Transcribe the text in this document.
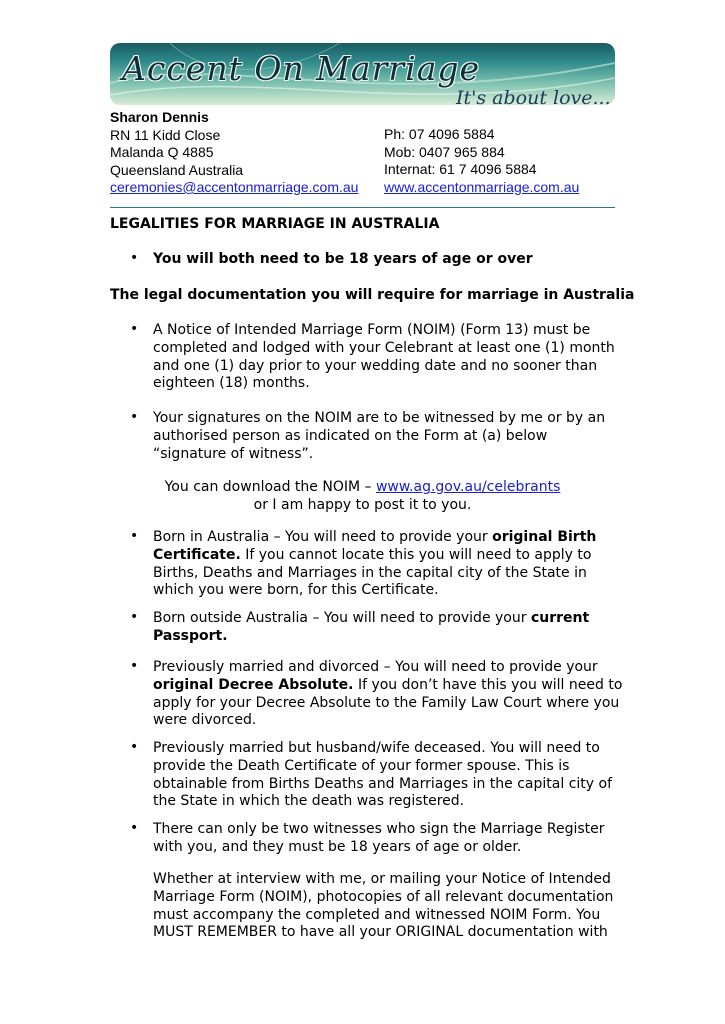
Accent On Marriage
It's about love...
Sharon Dennis
RN 11 Kidd Close
Malanda Q 4885
Queensland Australia
ceremonies@accentonmarriage.com.au
Ph: 07 4096 5884
Mob: 0407 965 884
Internat: 61 7 4096 5884
www.accentonmarriage.com.au
LEGALITIES FOR MARRIAGE IN AUSTRALIA
• You will both need to be 18 years of age or over
The legal documentation you will require for marriage in Australia
• A Notice of Intended Marriage Form (NOIM) (Form 13) must be completed and lodged with your Celebrant at least one (1) month and one (1) day prior to your wedding date and no sooner than eighteen (18) months.
• Your signatures on the NOIM are to be witnessed by me or by an authorised person as indicated on the Form at (a) below “signature of witness”.
You can download the NOIM – www.ag.gov.au/celebrants
or I am happy to post it to you.
• Born in Australia – You will need to provide your original Birth Certificate. If you cannot locate this you will need to apply to Births, Deaths and Marriages in the capital city of the State in which you were born, for this Certificate.
• Born outside Australia – You will need to provide your current Passport.
• Previously married and divorced – You will need to provide your original Decree Absolute. If you don’t have this you will need to apply for your Decree Absolute to the Family Law Court where you were divorced.
• Previously married but husband/wife deceased. You will need to provide the Death Certificate of your former spouse. This is obtainable from Births Deaths and Marriages in the capital city of the State in which the death was registered.
• There can only be two witnesses who sign the Marriage Register with you, and they must be 18 years of age or older.
Whether at interview with me, or mailing your Notice of Intended Marriage Form (NOIM), photocopies of all relevant documentation must accompany the completed and witnessed NOIM Form. You MUST REMEMBER to have all your ORIGINAL documentation with
